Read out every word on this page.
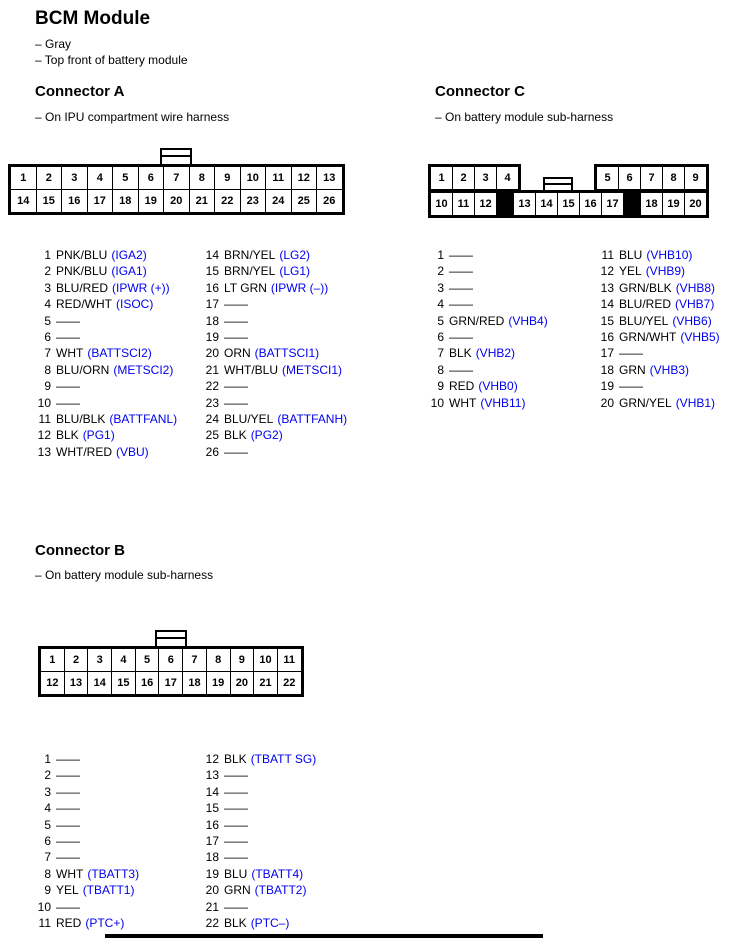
BCM Module
– Gray
– Top front of battery module
Connector A
– On IPU compartment wire harness
1	2	3	4	5	6	7	8	9	10	11	12	13
14	15	16	17	18	19	20	21	22	23	24	25	26
1 PNK/BLU (IGA2)
2 PNK/BLU (IGA1)
3 BLU/RED (IPWR (+))
4 RED/WHT (ISOC)
5 ——
6 ——
7 WHT (BATTSCI2)
8 BLU/ORN (METSCI2)
9 ——
10 ——
11 BLU/BLK (BATTFANL)
12 BLK (PG1)
13 WHT/RED (VBU)
14 BRN/YEL (LG2)
15 BRN/YEL (LG1)
16 LT GRN (IPWR (–))
17 ——
18 ——
19 ——
20 ORN (BATTSCI1)
21 WHT/BLU (METSCI1)
22 ——
23 ——
24 BLU/YEL (BATTFANH)
25 BLK (PG2)
26 ——
Connector C
– On battery module sub-harness
1	2	3	4	5	6	7	8	9
10 11 12	13 14 15 16 17	18 19 20
1 ——
2 ——
3 ——
4 ——
5 GRN/RED (VHB4)
6 ——
7 BLK (VHB2)
8 ——
9 RED (VHB0)
10 WHT (VHB11)
11 BLU (VHB10)
12 YEL (VHB9)
13 GRN/BLK (VHB8)
14 BLU/RED (VHB7)
15 BLU/YEL (VHB6)
16 GRN/WHT (VHB5)
17 ——
18 GRN (VHB3)
19 ——
20 GRN/YEL (VHB1)
Connector B
– On battery module sub-harness
1	2	3	4	5	6	7	8	9	10	11
12	13	14	15	16	17	18	19	20	21	22
1 ——
2 ——
3 ——
4 ——
5 ——
6 ——
7 ——
8 WHT (TBATT3)
9 YEL (TBATT1)
10 ——
11 RED (PTC+)
12 BLK (TBATT SG)
13 ——
14 ——
15 ——
16 ——
17 ——
18 ——
19 BLU (TBATT4)
20 GRN (TBATT2)
21 ——
22 BLK (PTC–)
